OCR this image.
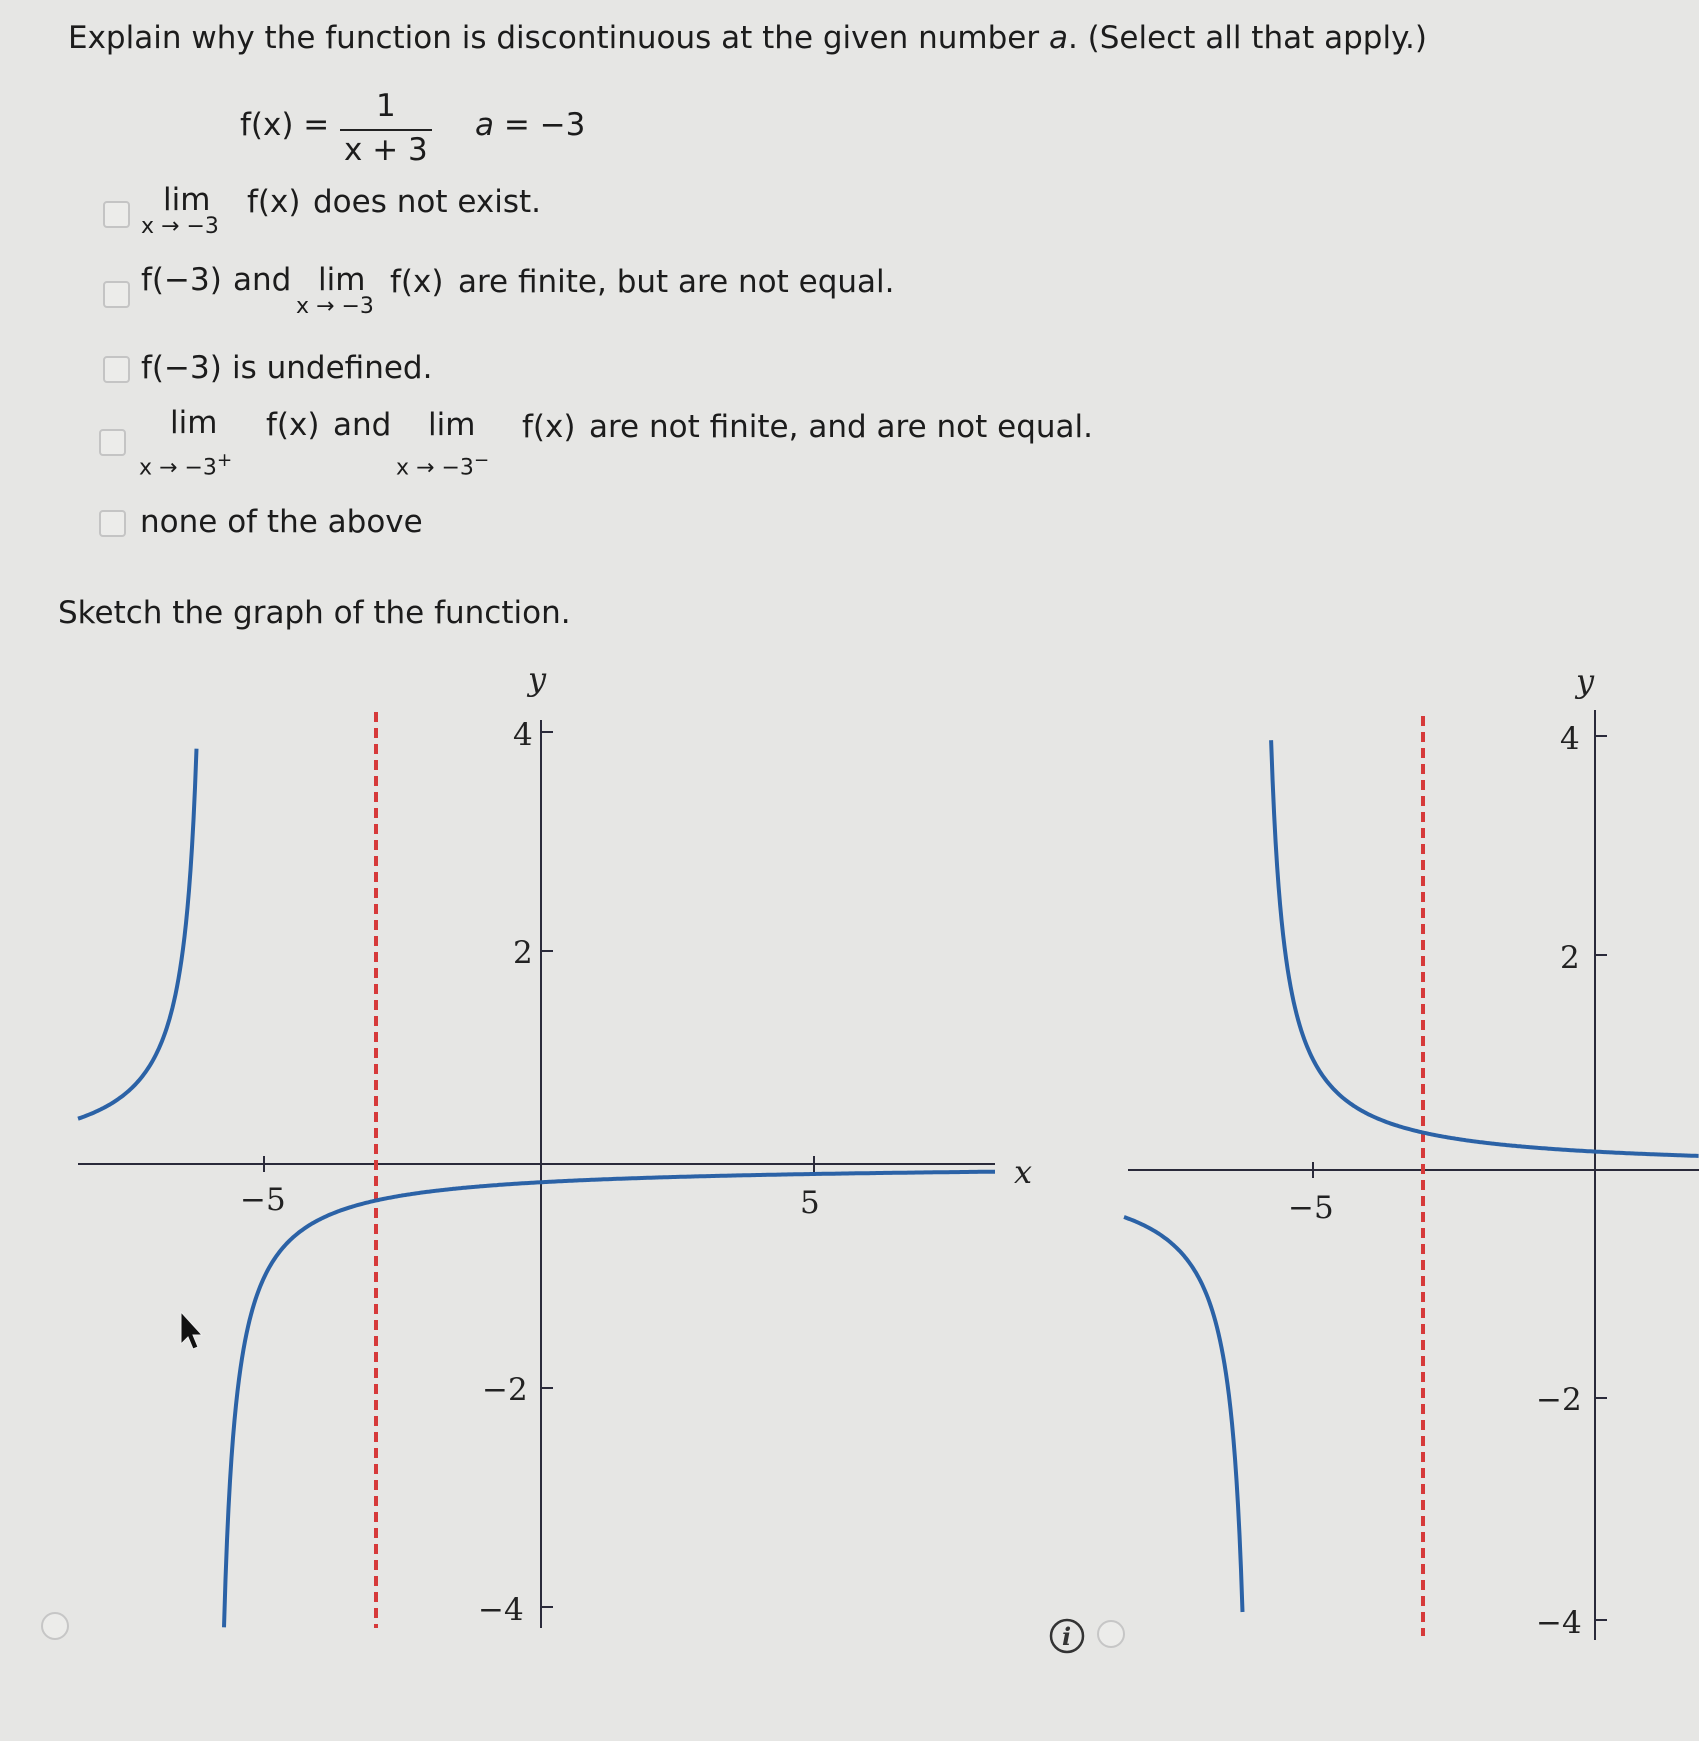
Explain why the function is discontinuous at the given number a. (Select all that apply.)
f(x) =
1
x + 3
a = −3
lim
x → −3
f(x) does not exist.
f(−3) and lim
x → −3
f(x) are finite, but are not equal.
f(−3) is undefined.
lim
x → −3+
f(x) and lim
x → −3−
f(x) are not finite, and are not equal.
none of the above
Sketch the graph of the function.
x
y
−5	5
4
2
−2
−4
y
−5
4
2
−2
−4
i
